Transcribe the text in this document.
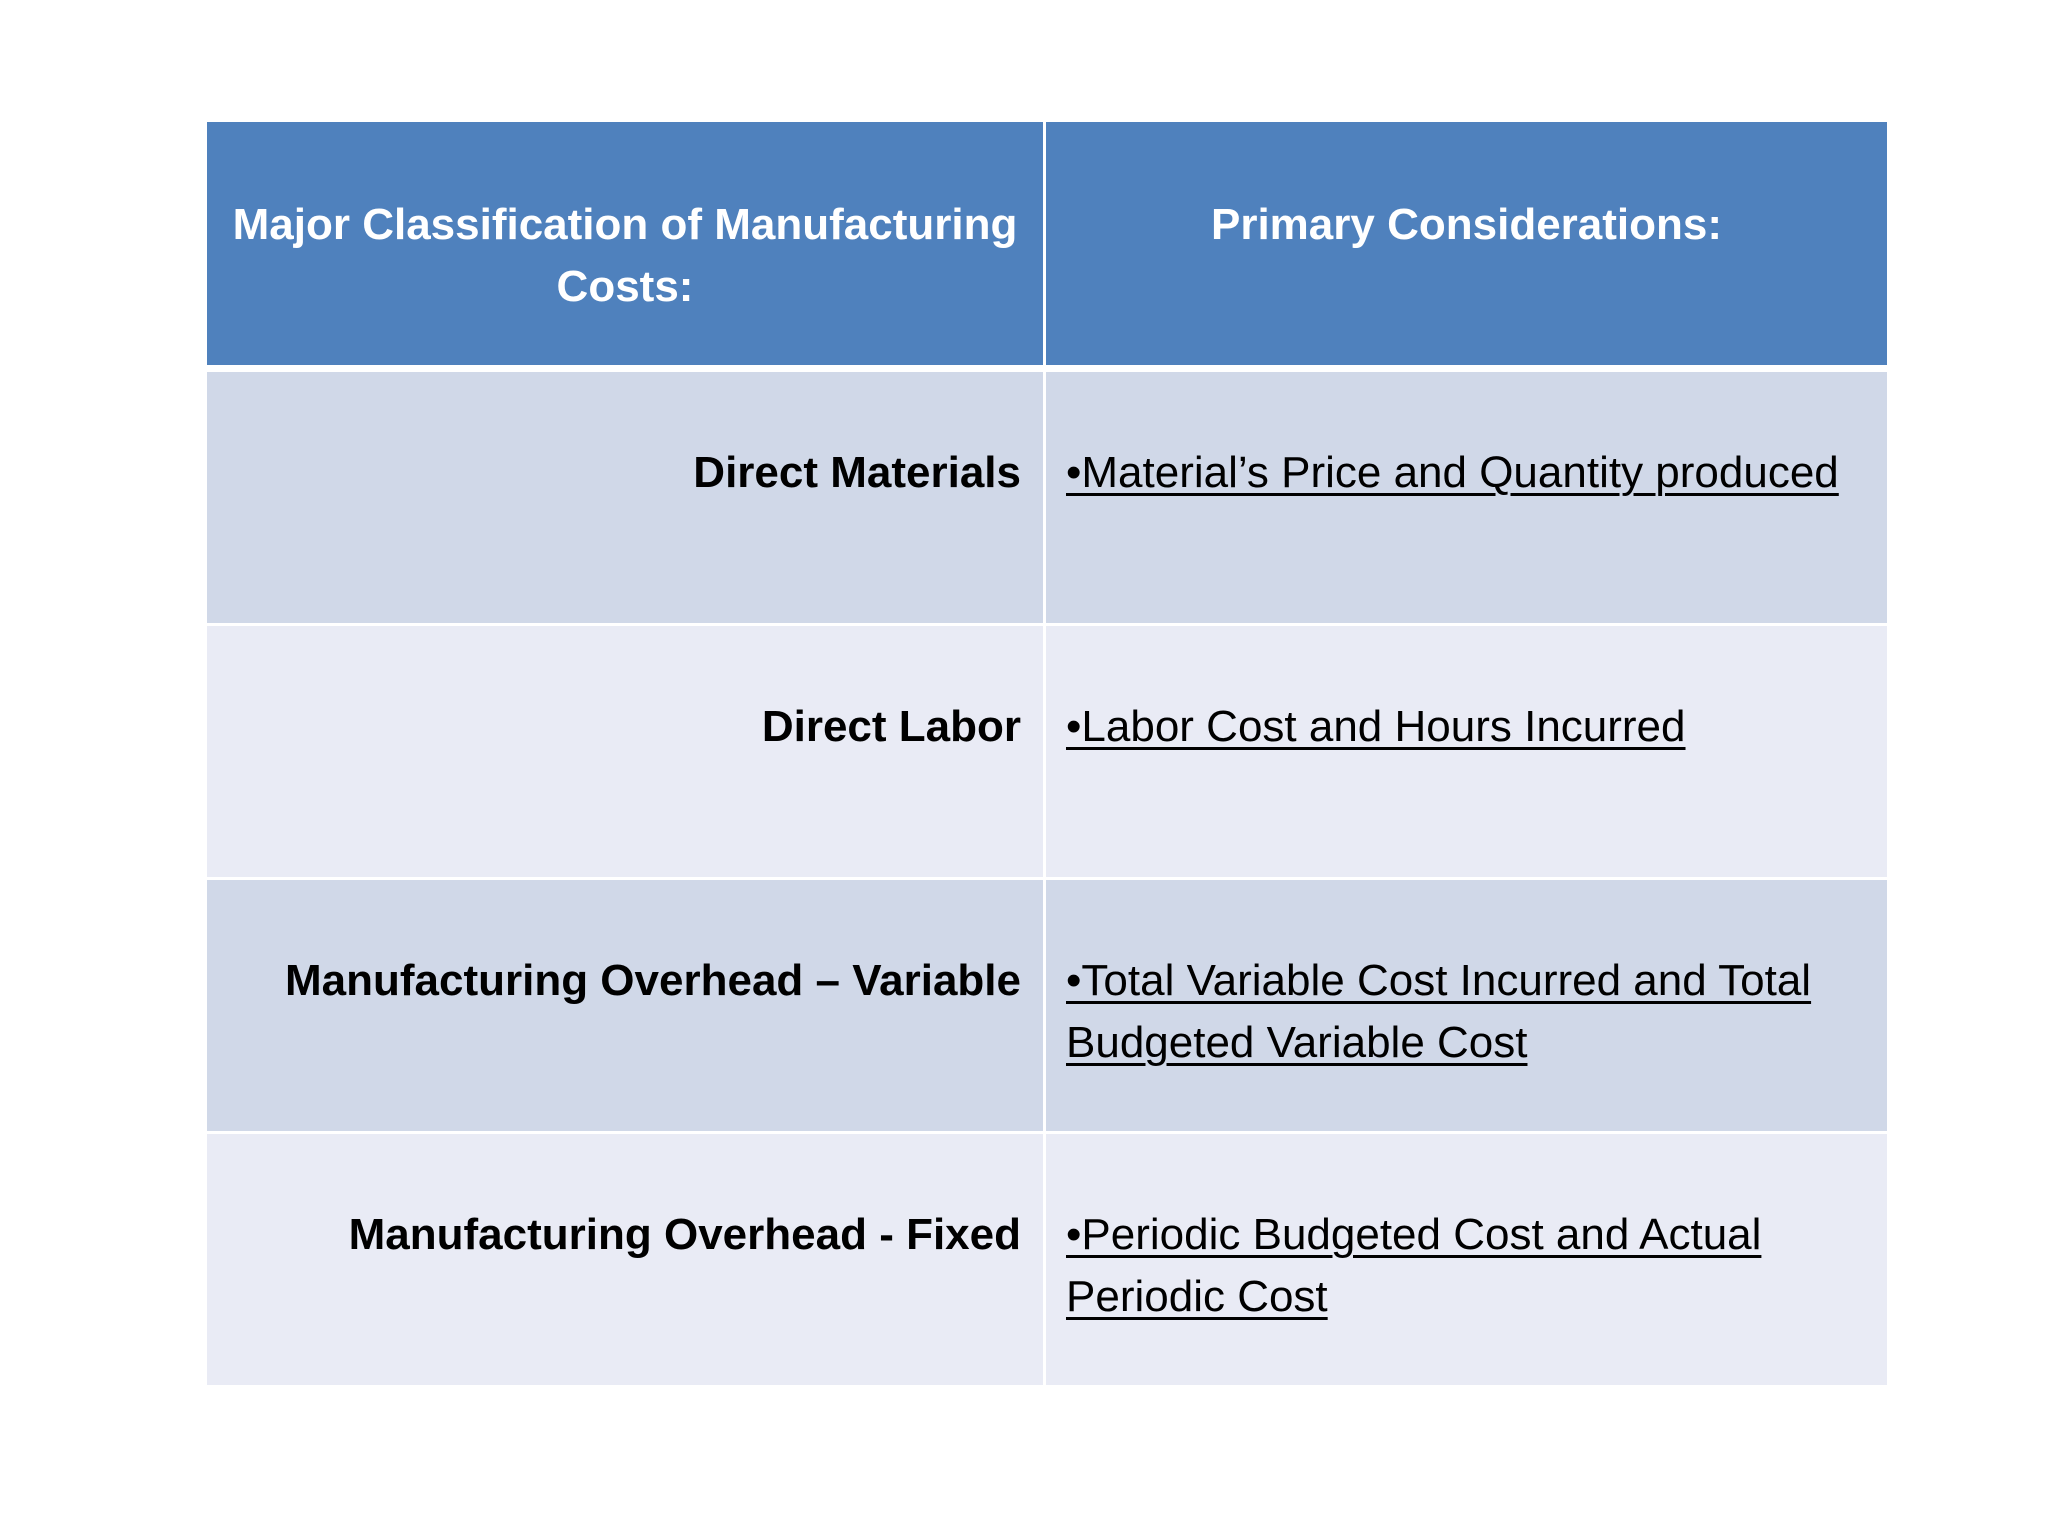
Major Classification of Manufacturing Costs:	Primary Considerations:
Direct Materials	•Material’s Price and Quantity produced
Direct Labor	•Labor Cost and Hours Incurred
Manufacturing Overhead – Variable	•Total Variable Cost Incurred and Total Budgeted Variable Cost
Manufacturing Overhead - Fixed	•Periodic Budgeted Cost and Actual Periodic Cost
